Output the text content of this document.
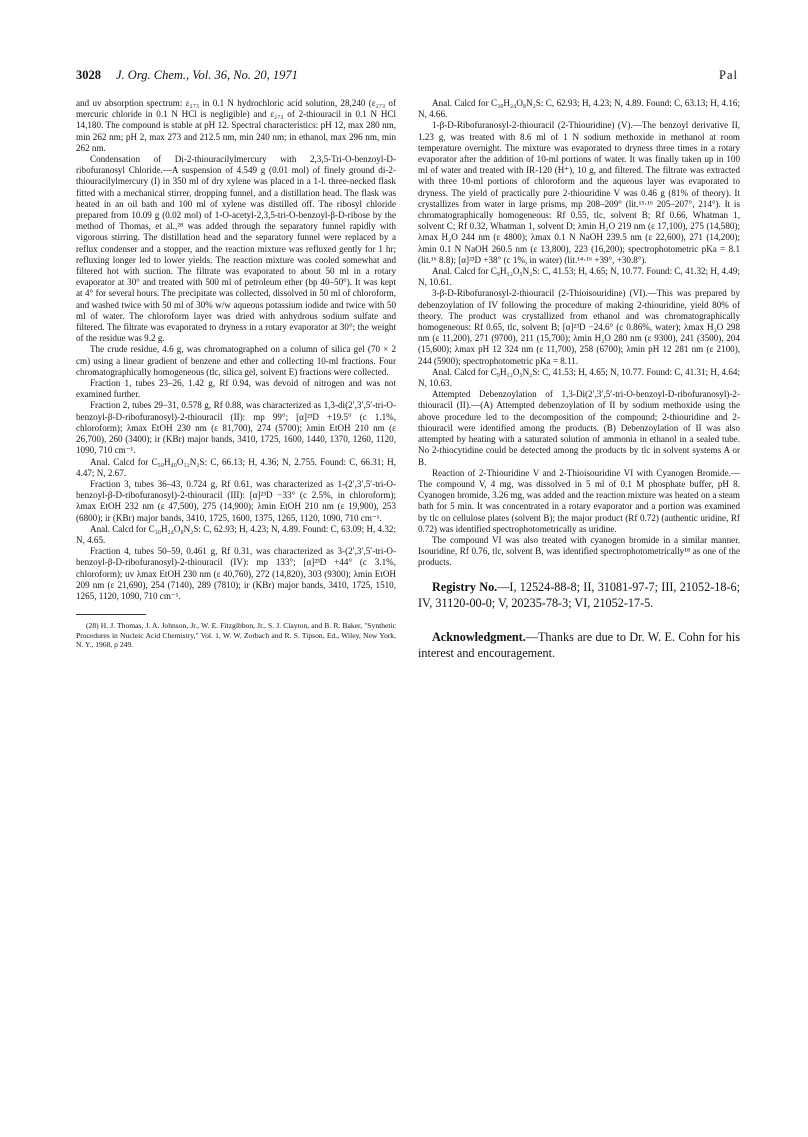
3028 J. Org. Chem., Vol. 36, No. 20, 1971	Pal

and uv absorption spectrum: ε₂₇₃ in 0.1 N hydrochloric acid solution, 28,240 (ε₂₇₃ of mercuric chloride in 0.1 N HCl is negligible) and ε₂₇₃ of 2-thiouracil in 0.1 N HCl 14,180. The compound is stable at pH 12. Spectral characteristics: pH 12, max 280 nm, min 262 nm; pH 2, max 273 and 212.5 nm, min 240 nm; in ethanol, max 296 nm, min 262 nm.

Condensation of Di-2-thiouracilylmercury with 2,3,5-Tri-O-benzoyl-D-ribofuranosyl Chloride.—A suspension of 4.549 g (0.01 mol) of finely ground di-2-thiouracilylmercury (I) in 350 ml of dry xylene was placed in a 1-l. three-necked flask fitted with a mechanical stirrer, dropping funnel, and a distillation head. The flask was heated in an oil bath and 100 ml of xylene was distilled off. The ribosyl chloride prepared from 10.09 g (0.02 mol) of 1-O-acetyl-2,3,5-tri-O-benzoyl-β-D-ribose by the method of Thomas, et al.,²⁸ was added through the separatory funnel rapidly with vigorous stirring. The distillation head and the separatory funnel were replaced by a reflux condenser and a stopper, and the reaction mixture was refluxed gently for 1 hr; refluxing longer led to lower yields. The reaction mixture was cooled somewhat and filtered hot with suction. The filtrate was evaporated to about 50 ml in a rotary evaporator at 30° and treated with 500 ml of petroleum ether (bp 40–50°). It was kept at 4° for several hours. The precipitate was collected, dissolved in 50 ml of chloroform, and washed twice with 50 ml of 30% w/w aqueous potassium iodide and twice with 50 ml of water. The chloroform layer was dried with anhydrous sodium sulfate and filtered. The filtrate was evaporated to dryness in a rotary evaporator at 30°; the weight of the residue was 9.2 g.

The crude residue, 4.6 g, was chromatographed on a column of silica gel (70 × 2 cm) using a linear gradient of benzene and ether and collecting 10-ml fractions. Four chromatographically homogeneous (tlc, silica gel, solvent E) fractions were collected.

Fraction 1, tubes 23–26, 1.42 g, Rf 0.94, was devoid of nitrogen and was not examined further.

Fraction 2, tubes 29–31, 0.578 g, Rf 0.88, was characterized as 1,3-di(2′,3′,5′-tri-O-benzoyl-β-D-ribofuranosyl)-2-thiouracil (II): mp 99°; [α]²³D +19.5° (c 1.1%, chloroform); λmax EtOH 230 nm (ε 81,700), 274 (5700); λmin EtOH 210 nm (ε 26,700), 260 (3400); ir (KBr) major bands, 3410, 1725, 1600, 1440, 1370, 1260, 1120, 1090, 710 cm⁻¹.

Anal. Calcd for C₅₀H₄₀O₁₂N₂S: C, 66.13; H, 4.36; N, 2.755. Found: C, 66.31; H, 4.47; N, 2.67.

Fraction 3, tubes 36–43, 0.724 g, Rf 0.61, was characterized as 1-(2′,3′,5′-tri-O-benzoyl-β-D-ribofuranosyl)-2-thiouracil (III): [α]²³D −33° (c 2.5%, in chloroform); λmax EtOH 232 nm (ε 47,500), 275 (14,900); λmin EtOH 210 nm (ε 19,900), 253 (6800); ir (KBr) major bands, 3410, 1725, 1600, 1375, 1265, 1120, 1090, 710 cm⁻¹.

Anal. Calcd for C₃₀H₂₄O₈N₂S: C, 62.93; H, 4.23; N, 4.89. Found: C, 63.09; H, 4.32; N, 4.65.

Fraction 4, tubes 50–59, 0.461 g, Rf 0.31, was characterized as 3-(2′,3′,5′-tri-O-benzoyl-β-D-ribofuranosyl)-2-thiouracil (IV): mp 133°; [α]²³D +44° (c 3.1%, chloroform); uv λmax EtOH 230 nm (ε 40,760), 272 (14,820), 303 (9300); λmin EtOH 209 nm (ε 21,690), 254 (7140), 289 (7810); ir (KBr) major bands, 3410, 1725, 1510, 1265, 1120, 1090, 710 cm⁻¹.

(28) H. J. Thomas, J. A. Johnson, Jr., W. E. Fitzgibbon, Jr., S. J. Clayton, and B. R. Baker, "Synthetic Procedures in Nucleic Acid Chemistry," Vol. 1, W. W. Zorbach and R. S. Tipson, Ed., Wiley, New York, N. Y., 1968, p 249.

Anal. Calcd for C₃₀H₂₄O₈N₂S: C, 62.93; H, 4.23; N, 4.89. Found: C, 63.13; H, 4.16; N, 4.66.

1-β-D-Ribofuranosyl-2-thiouracil (2-Thiouridine) (V).—The benzoyl derivative II, 1.23 g, was treated with 8.6 ml of 1 N sodium methoxide in methanol at room temperature overnight. The mixture was evaporated to dryness three times in a rotary evaporator after the addition of 10-ml portions of water. It was finally taken up in 100 ml of water and treated with IR-120 (H⁺), 10 g, and filtered. The filtrate was extracted with three 10-ml portions of chloroform and the aqueous layer was evaporated to dryness. The yield of practically pure 2-thiouridine V was 0.46 g (81% of theory). It crystallizes from water in large prisms, mp 208–209° (lit.¹³·¹⁶ 205–207°, 214°). It is chromatographically homogeneous: Rf 0.55, tlc, solvent B; Rf 0.66, Whatman 1, solvent C; Rf 0.32, Whatman 1, solvent D; λmin H₂O 219 nm (ε 17,100), 275 (14,580); λmax H₂O 244 nm (ε 4800); λmax 0.1 N NaOH 239.5 nm (ε 22,600), 271 (14,200); λmin 0.1 N NaOH 260.5 nm (ε 13,800), 223 (16,200); spectrophotometric pKa = 8.1 (lit.¹⁶ 8.8); [α]²³D +38° (c 1%, in water) (lit.¹⁴·¹⁶ +39°, +30.8°).

Anal. Calcd for C₉H₁₂O₅N₂S: C, 41.53; H, 4.65; N, 10.77. Found: C, 41.32; H, 4.49; N, 10.61.

3-β-D-Ribofuranosyl-2-thiouracil (2-Thioisouridine) (VI).—This was prepared by debenzoylation of IV following the procedure of making 2-thiouridine, yield 80% of theory. The product was crystallized from ethanol and was chromatographically homogeneous: Rf 0.65, tlc, solvent B; [α]²³D −24.6° (c 0.86%, water); λmax H₂O 298 nm (ε 11,200), 271 (9700), 211 (15,700); λmin H₂O 280 nm (ε 9300), 241 (3500), 204 (15,600); λmax pH 12 324 nm (ε 11,700), 258 (6700); λmin pH 12 281 nm (ε 2100), 244 (5900); spectrophotometric pKa = 8.11.

Anal. Calcd for C₉H₁₂O₅N₂S: C, 41.53; H, 4.65; N, 10.77. Found: C, 41.31; H, 4.64; N, 10.63.

Attempted Debenzoylation of 1,3-Di(2′,3′,5′-tri-O-benzoyl-D-ribofuranosyl)-2-thiouracil (II).—(A) Attempted debenzoylation of II by sodium methoxide using the above procedure led to the decomposition of the compound; 2-thiouridine and 2-thiouracil were identified among the products. (B) Debenzoylation of II was also attempted by heating with a saturated solution of ammonia in ethanol in a sealed tube. No 2-thiocytidine could be detected among the products by tlc in solvent systems A or B.

Reaction of 2-Thiouridine V and 2-Thioisouridine VI with Cyanogen Bromide.—The compound V, 4 mg, was dissolved in 5 ml of 0.1 M phosphate buffer, pH 8. Cyanogen bromide, 3.26 mg, was added and the reaction mixture was heated on a steam bath for 5 min. It was concentrated in a rotary evaporator and a portion was examined by tlc on cellulose plates (solvent B); the major product (Rf 0.72) (authentic uridine, Rf 0.72) was identified spectrophotometrically as uridine.

The compound VI was also treated with cyanogen bromide in a similar manner. Isouridine, Rf 0.76, tlc, solvent B, was identified spectrophotometrically¹⁸ as one of the products.

Registry No.—I, 12524-88-8; II, 31081-97-7; III, 21052-18-6; IV, 31120-00-0; V, 20235-78-3; VI, 21052-17-5.

Acknowledgment.—Thanks are due to Dr. W. E. Cohn for his interest and encouragement.
